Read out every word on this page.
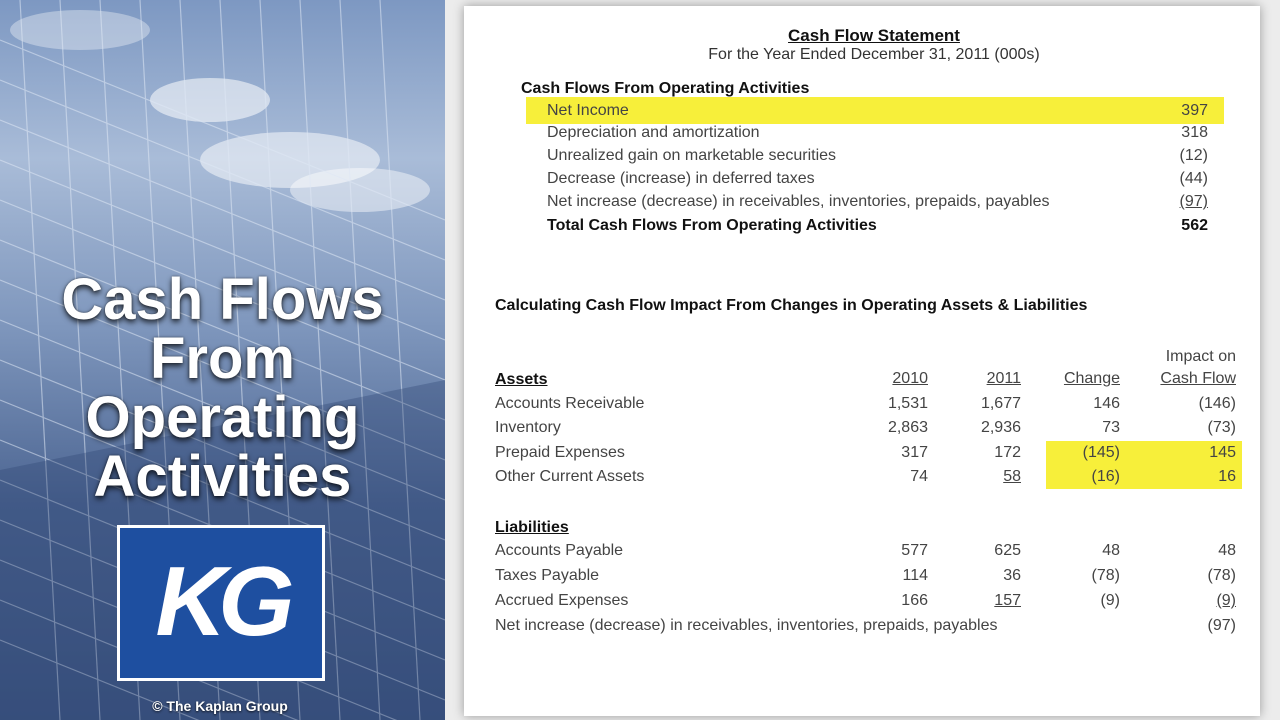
Cash Flows
From
Operating
Activities
KG
© The Kaplan Group
Cash Flow Statement
For the Year Ended December 31, 2011 (000s)
Cash Flows From Operating Activities
Net Income	397
Depreciation and amortization	318
Unrealized gain on marketable securities	(12)
Decrease (increase) in deferred taxes	(44)
Net increase (decrease) in receivables, inventories, prepaids, payables	(97)
Total Cash Flows From Operating Activities	562
Calculating Cash Flow Impact From Changes in Operating Assets & Liabilities
Impact on
Assets	2010	2011	Change	Cash Flow
Accounts Receivable	1,531	1,677	146	(146)
Inventory	2,863	2,936	73	(73)
Prepaid Expenses	317	172	(145)	145
Other Current Assets	74	58	(16)	16
Liabilities
Accounts Payable	577	625	48	48
Taxes Payable	114	36	(78)	(78)
Accrued Expenses	166	157	(9)	(9)
Net increase (decrease) in receivables, inventories, prepaids, payables	(97)
